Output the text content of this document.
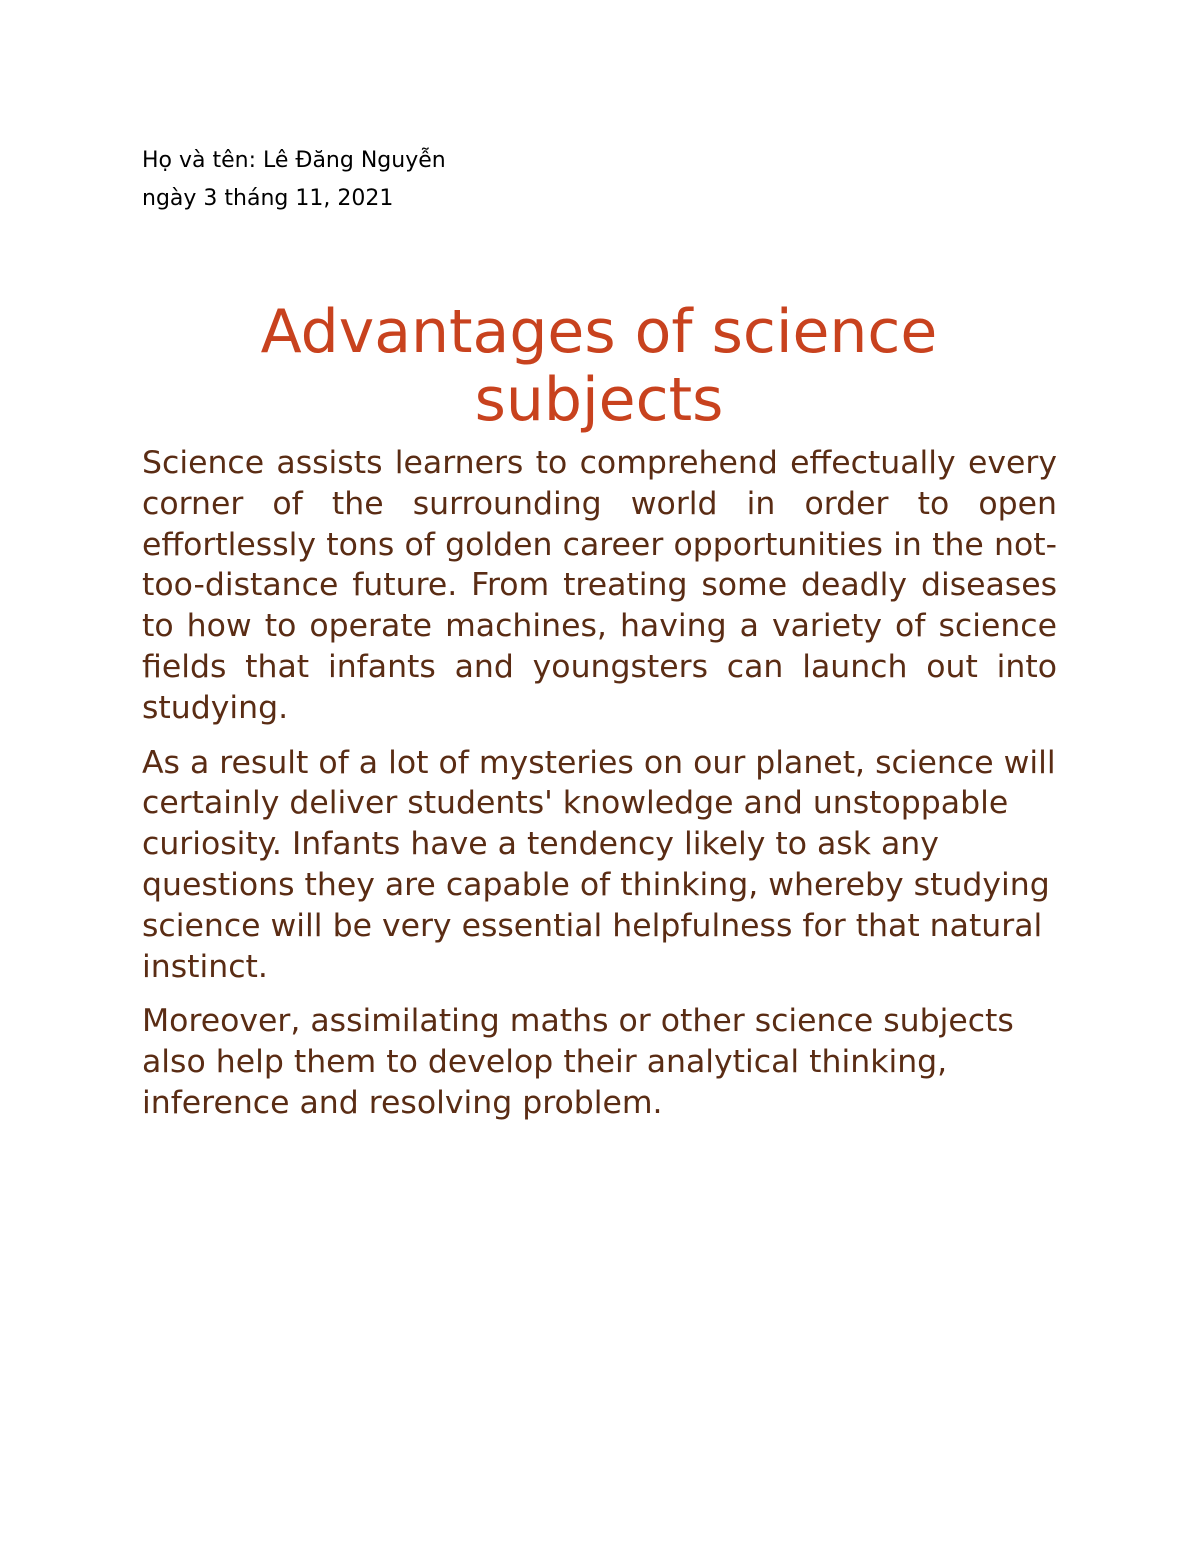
Họ và tên: Lê Đăng Nguyễn
ngày 3 tháng 11, 2021
Advantages of science subjects

Science assists learners to comprehend effectually every corner of the surrounding world in order to open effortlessly tons of golden career opportunities in the not-too-distance future. From treating some deadly diseases to how to operate machines, having a variety of science fields that infants and youngsters can launch out into studying.

As a result of a lot of mysteries on our planet, science will certainly deliver students' knowledge and unstoppable curiosity. Infants have a tendency likely to ask any questions they are capable of thinking, whereby studying science will be very essential helpfulness for that natural instinct.

Moreover, assimilating maths or other science subjects also help them to develop their analytical thinking, inference and resolving problem.
